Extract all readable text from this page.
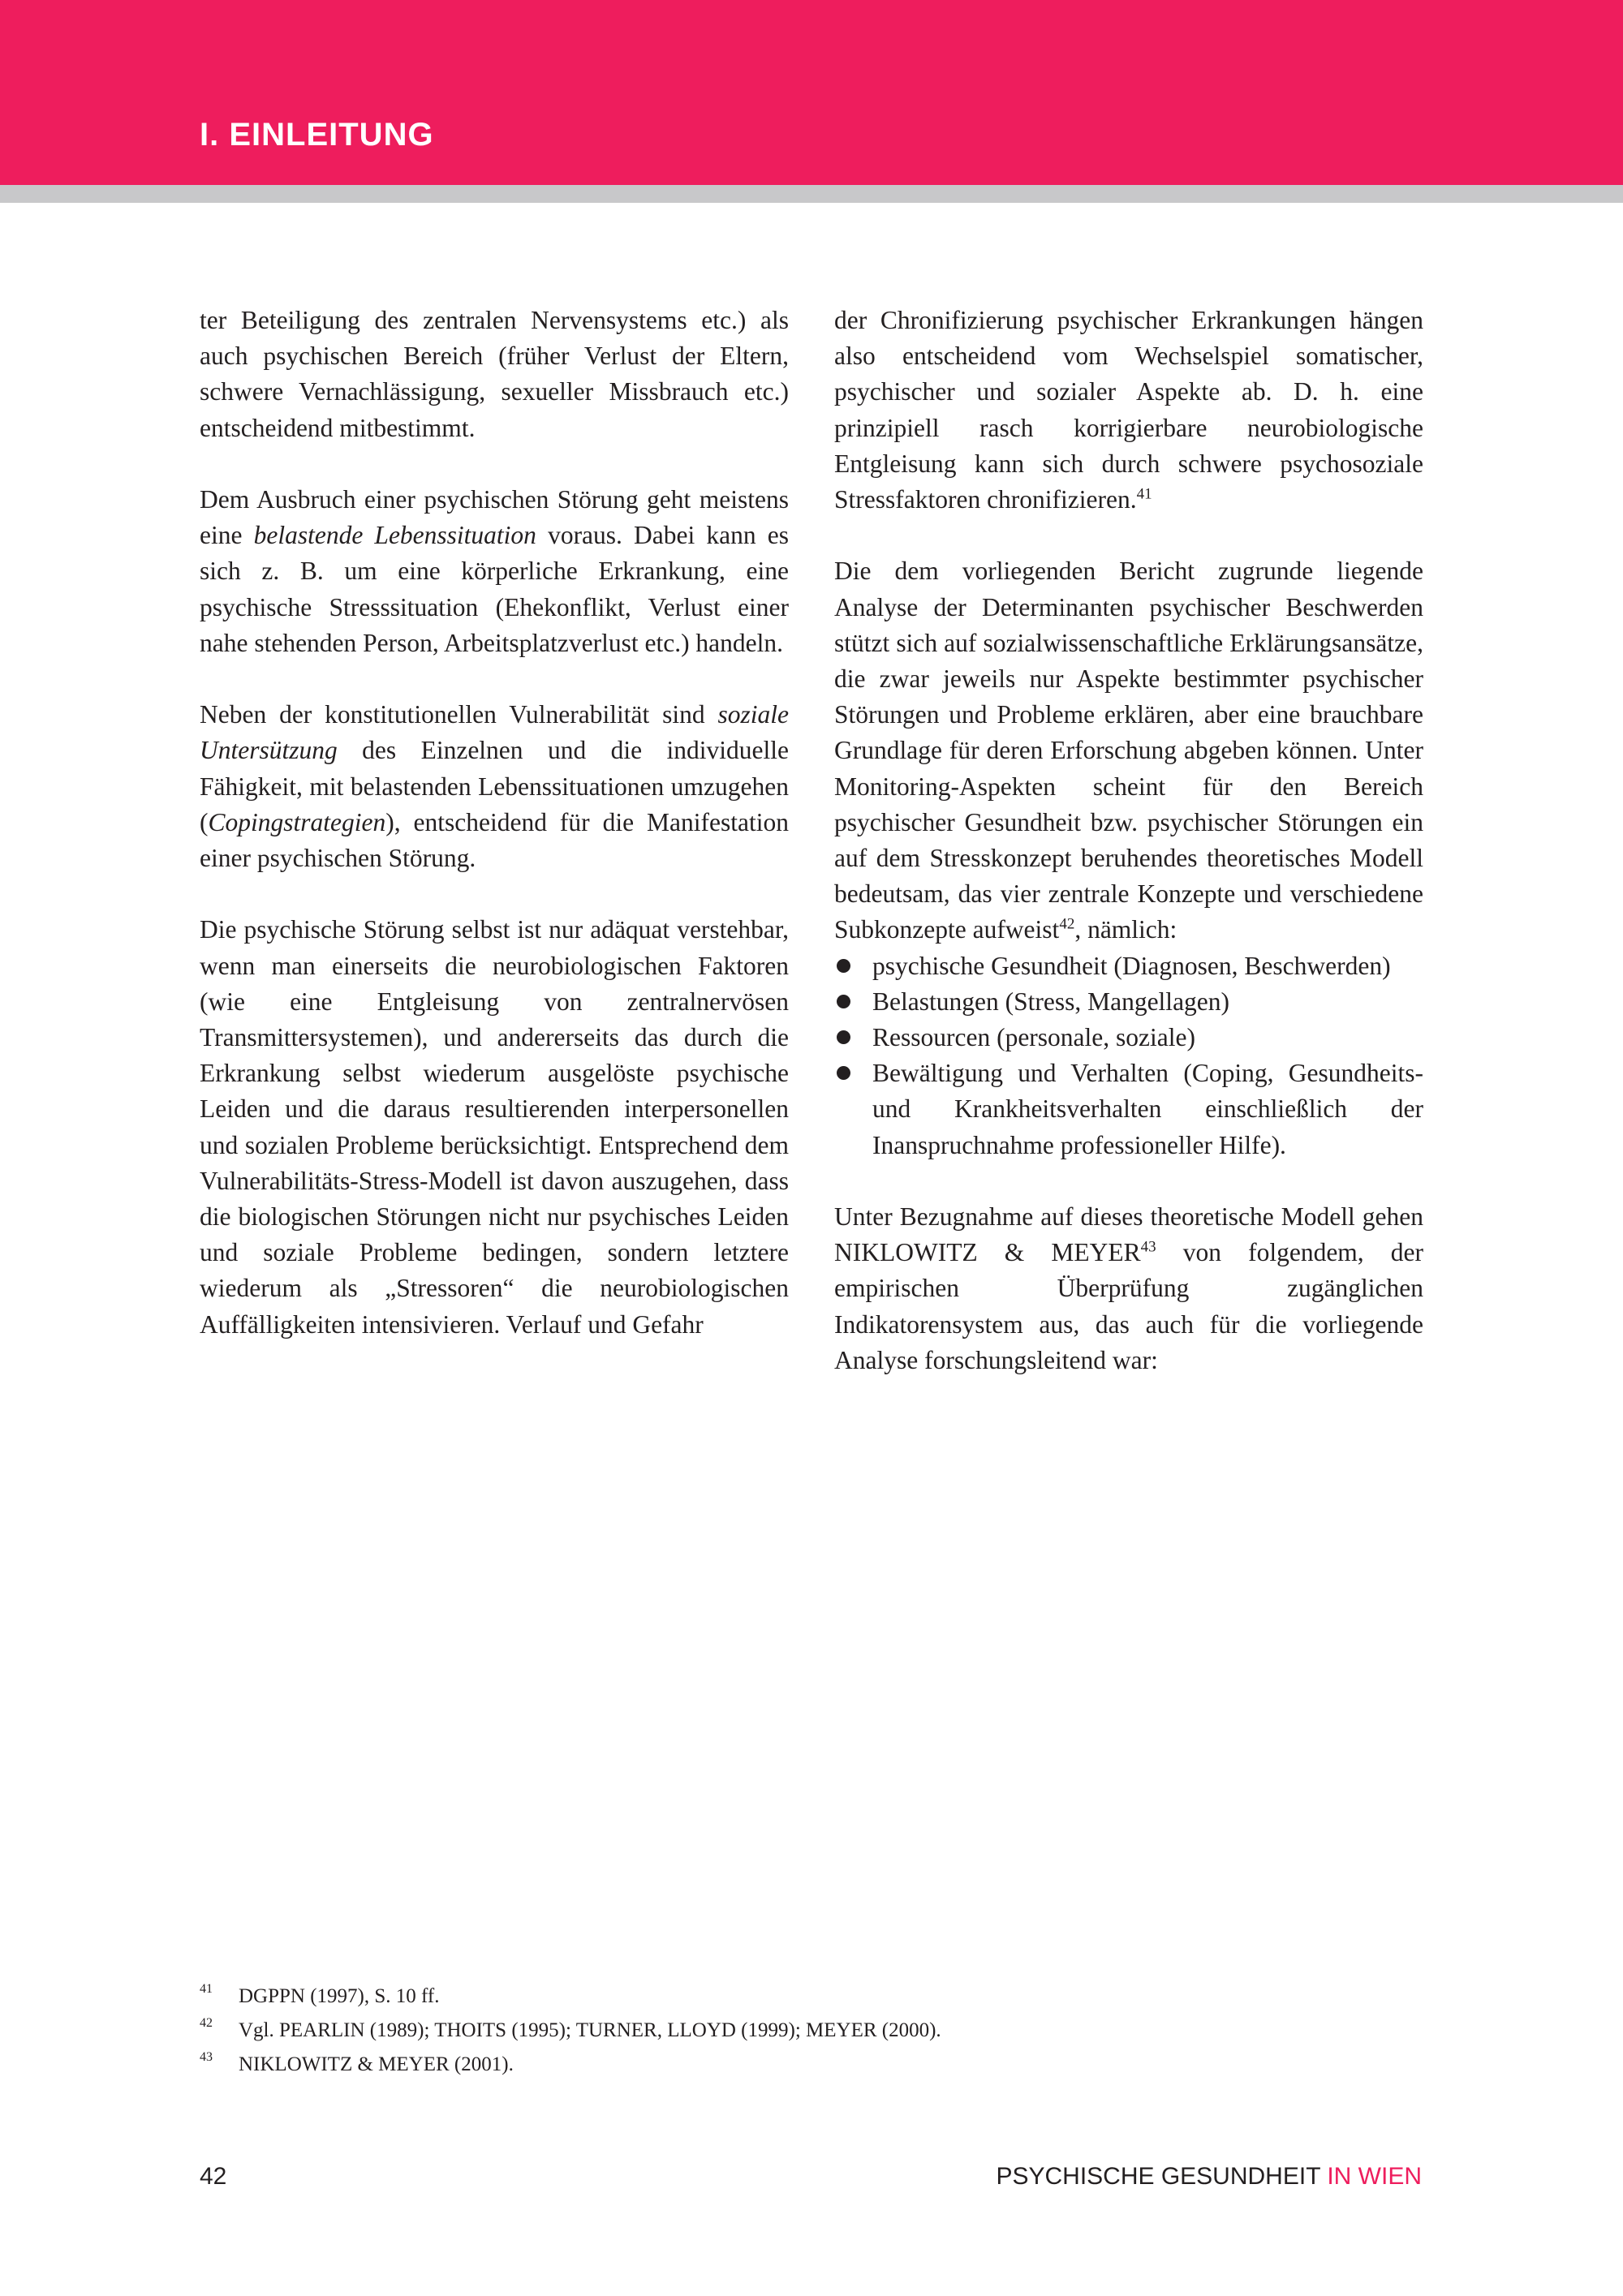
I. EINLEITUNG

ter Beteiligung des zentralen Nervensystems etc.) als auch psychischen Bereich (früher Verlust der Eltern, schwere Vernachlässigung, sexueller Missbrauch etc.) entscheidend mitbestimmt.

Dem Ausbruch einer psychischen Störung geht meistens eine belastende Lebenssituation voraus. Dabei kann es sich z. B. um eine körperliche Erkrankung, eine psychische Stresssituation (Ehekonflikt, Verlust einer nahe stehenden Person, Arbeitsplatzverlust etc.) handeln.

Neben der konstitutionellen Vulnerabilität sind soziale Untersützung des Einzelnen und die individuelle Fähigkeit, mit belastenden Lebenssituationen umzugehen (Copingstrategien), entscheidend für die Manifestation einer psychischen Störung.

Die psychische Störung selbst ist nur adäquat verstehbar, wenn man einerseits die neurobiologischen Faktoren (wie eine Entgleisung von zentralnervösen Transmittersystemen), und andererseits das durch die Erkrankung selbst wiederum ausgelöste psychische Leiden und die daraus resultierenden interpersonellen und sozialen Probleme berücksichtigt. Entsprechend dem Vulnerabilitäts-Stress-Modell ist davon auszugehen, dass die biologischen Störungen nicht nur psychisches Leiden und soziale Probleme bedingen, sondern letztere wiederum als „Stressoren“ die neurobiologischen Auffälligkeiten intensivieren. Verlauf und Gefahr

der Chronifizierung psychischer Erkrankungen hängen also entscheidend vom Wechselspiel somatischer, psychischer und sozialer Aspekte ab. D. h. eine prinzipiell rasch korrigierbare neurobiologische Entgleisung kann sich durch schwere psychosoziale Stressfaktoren chronifizieren.$^{41}$

Die dem vorliegenden Bericht zugrunde liegende Analyse der Determinanten psychischer Beschwerden stützt sich auf sozialwissenschaftliche Erklärungsansätze, die zwar jeweils nur Aspekte bestimmter psychischer Störungen und Probleme erklären, aber eine brauchbare Grundlage für deren Erforschung abgeben können. Unter Monitoring-Aspekten scheint für den Bereich psychischer Gesundheit bzw. psychischer Störungen ein auf dem Stresskonzept beruhendes theoretisches Modell bedeutsam, das vier zentrale Konzepte und verschiedene Subkonzepte aufweist$^{42}$, nämlich:

psychische Gesundheit (Diagnosen, Beschwerden)
Belastungen (Stress, Mangellagen)
Ressourcen (personale, soziale)
Bewältigung und Verhalten (Coping, Gesundheits- und Krankheitsverhalten einschließlich der Inanspruchnahme professioneller Hilfe).

Unter Bezugnahme auf dieses theoretische Modell gehen NIKLOWITZ & MEYER$^{43}$ von folgendem, der empirischen Überprüfung zugänglichen Indikatorensystem aus, das auch für die vorliegende Analyse forschungsleitend war:

41 DGPPN (1997), S. 10 ff.
42 Vgl. PEARLIN (1989); THOITS (1995); TURNER, LLOYD (1999); MEYER (2000).
43 NIKLOWITZ & MEYER (2001).
42	PSYCHISCHE GESUNDHEIT IN WIEN
